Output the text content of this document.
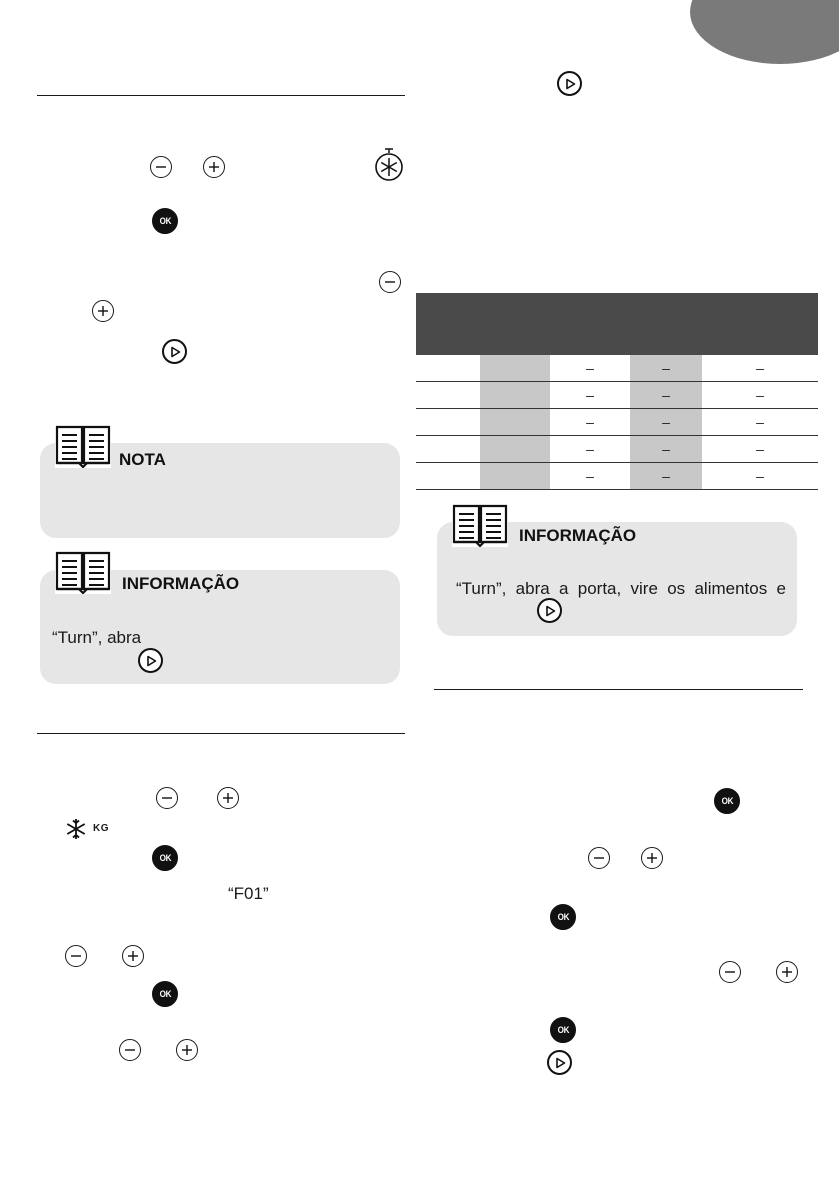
OK
NOTA
INFORMAÇÃO
“Turn”, abra
KG
OK
“F01”
OK

		–	–	–
		–	–	–
		–	–	–
		–	–	–
		–	–	–
INFORMAÇÃO
“Turn”, abra a porta, vire os alimentos e
OK
OK
OK
